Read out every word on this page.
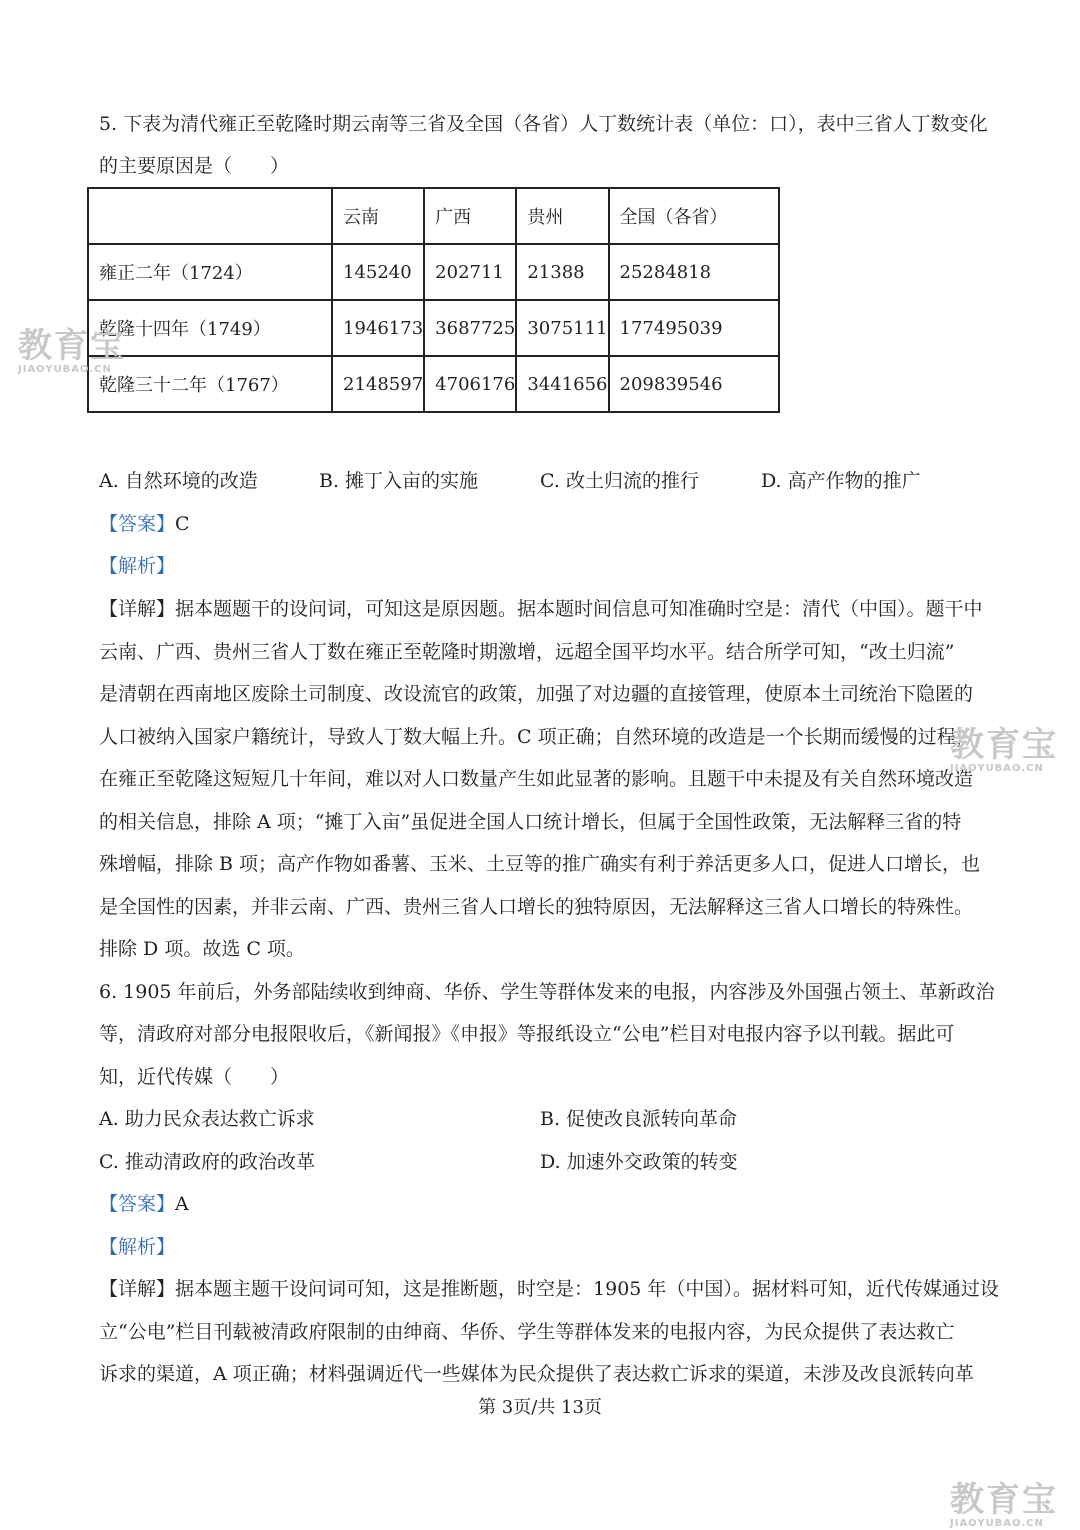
5. 下表为清代雍正至乾隆时期云南等三省及全国（各省）人丁数统计表（单位：口），表中三省人丁数变化
的主要原因是（　　）
	云南	广西	贵州	全国（各省）
雍正二年（1724）	145240	202711	21388	25284818
乾隆十四年（1749）	1946173	3687725	3075111	177495039
乾隆三十二年（1767）	2148597	4706176	3441656	209839546
A. 自然环境的改造	B. 摊丁入亩的实施	C. 改土归流的推行	D. 高产作物的推广
【答案】C
【解析】
【详解】据本题题干的设问词，可知这是原因题。据本题时间信息可知准确时空是：清代（中国）。题干中
云南、广西、贵州三省人丁数在雍正至乾隆时期激增，远超全国平均水平。结合所学可知，“改土归流”
是清朝在西南地区废除土司制度、改设流官的政策，加强了对边疆的直接管理，使原本土司统治下隐匿的
人口被纳入国家户籍统计，导致人丁数大幅上升。C 项正确；自然环境的改造是一个长期而缓慢的过程，
在雍正至乾隆这短短几十年间，难以对人口数量产生如此显著的影响。且题干中未提及有关自然环境改造
的相关信息，排除 A 项；“摊丁入亩”虽促进全国人口统计增长，但属于全国性政策，无法解释三省的特
殊增幅，排除 B 项；高产作物如番薯、玉米、土豆等的推广确实有利于养活更多人口，促进人口增长，也
是全国性的因素，并非云南、广西、贵州三省人口增长的独特原因，无法解释这三省人口增长的特殊性。
排除 D 项。故选 C 项。
6. 1905 年前后，外务部陆续收到绅商、华侨、学生等群体发来的电报，内容涉及外国强占领土、革新政治
等，清政府对部分电报限收后，《新闻报》《申报》等报纸设立“公电”栏目对电报内容予以刊载。据此可
知，近代传媒（　　）
A. 助力民众表达救亡诉求	B. 促使改良派转向革命
C. 推动清政府的政治改革	D. 加速外交政策的转变
【答案】A
【解析】
【详解】据本题主题干设问词可知，这是推断题，时空是：1905 年（中国）。据材料可知，近代传媒通过设
立“公电”栏目刊载被清政府限制的由绅商、华侨、学生等群体发来的电报内容，为民众提供了表达救亡
诉求的渠道，A 项正确；材料强调近代一些媒体为民众提供了表达救亡诉求的渠道，未涉及改良派转向革
第 3页/共 13页
教育宝
JIAOYUBAO.CN
教育宝
JIAOYUBAO.CN
教育宝
JIAOYUBAO.CN
